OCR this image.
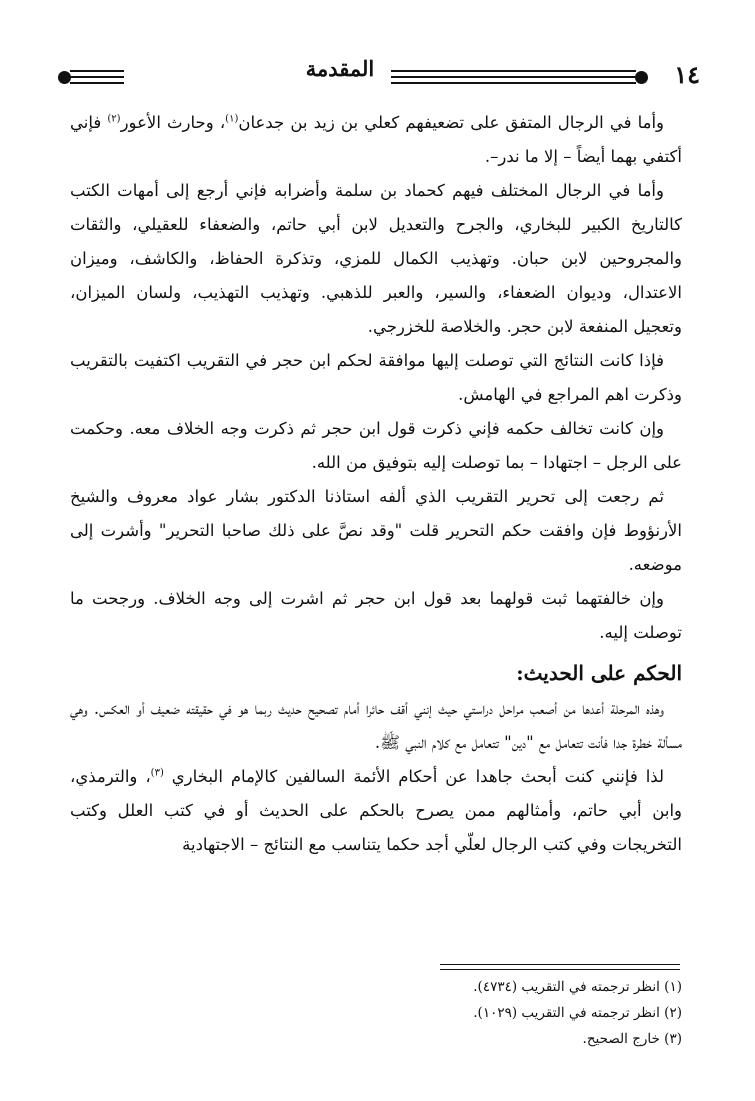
١٤
المقدمة

وأما في الرجال المتفق على تضعيفهم كعلي بن زيد بن جدعان$^{(١)}$، وحارث الأعور$^{(٢)}$ فإني أكتفي بهما أيضاً – إلا ما ندر–.

وأما في الرجال المختلف فيهم كحماد بن سلمة وأضرابه فإني أرجع إلى أمهات الكتب كالتاريخ الكبير للبخاري، والجرح والتعديل لابن أبي حاتم، والضعفاء للعقيلي، والثقات والمجروحين لابن حبان. وتهذيب الكمال للمزي، وتذكرة الحفاظ، والكاشف، وميزان الاعتدال، وديوان الضعفاء، والسير، والعبر للذهبي. وتهذيب التهذيب، ولسان الميزان، وتعجيل المنفعة لابن حجر. والخلاصة للخزرجي.

فإذا كانت النتائج التي توصلت إليها موافقة لحكم ابن حجر في التقريب اكتفيت بالتقريب وذكرت اهم المراجع في الهامش.

وإن كانت تخالف حكمه فإني ذكرت قول ابن حجر ثم ذكرت وجه الخلاف معه. وحكمت على الرجل – اجتهادا – بما توصلت إليه بتوفيق من الله.

ثم رجعت إلى تحرير التقريب الذي ألفه استاذنا الدكتور بشار عواد معروف والشيخ الأرنؤوط فإن وافقت حكم التحرير قلت "وقد نصَّ على ذلك صاحبا التحرير" وأشرت إلى موضعه.

وإن خالفتهما ثبت قولهما بعد قول ابن حجر ثم اشرت إلى وجه الخلاف. ورجحت ما توصلت إليه.

الحكم على الحديث:

وهذه المرحلة أعدها من أصعب مراحل دراستي حيث إنني أقف حائرا أمام تصحيح حديث ربما هو في حقيقته ضعيف أو العكس. وهي مسألة خطرة جدا فأنت تتعامل مع "دين" تتعامل مع كلام النبي ﷺ.

لذا فإنني كنت أبحث جاهدا عن أحكام الأئمة السالفين كالإمام البخاري $^{(٣)}$، والترمذي، وابن أبي حاتم، وأمثالهم ممن يصرح بالحكم على الحديث أو في كتب العلل وكتب التخريجات وفي كتب الرجال لعلّي أجد حكما يتناسب مع النتائج – الاجتهادية

(١) انظر ترجمته في التقريب (٤٧٣٤).
(٢) انظر ترجمته في التقريب (١٠٢٩).
(٣) خارج الصحيح.
